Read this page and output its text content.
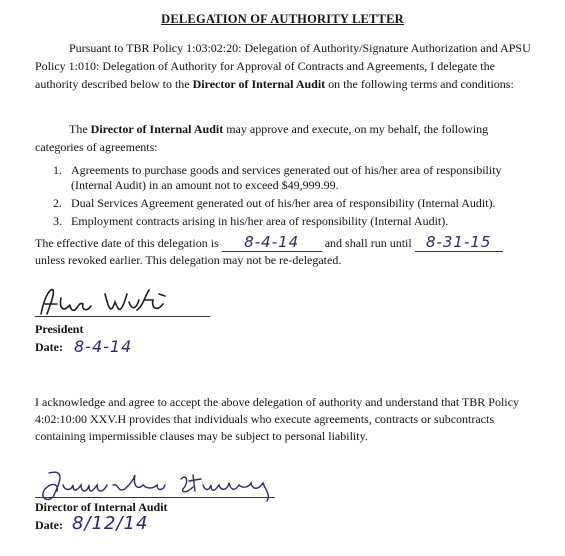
DELEGATION OF AUTHORITY LETTER
Pursuant to TBR Policy 1:03:02:20: Delegation of Authority/Signature Authorization and APSU Policy 1:010: Delegation of Authority for Approval of Contracts and Agreements, I delegate the authority described below to the Director of Internal Audit on the following terms and conditions:
The Director of Internal Audit may approve and execute, on my behalf, the following categories of agreements:
1. Agreements to purchase goods and services generated out of his/her area of responsibility (Internal Audit) in an amount not to exceed $49,999.99.
2. Dual Services Agreement generated out of his/her area of responsibility (Internal Audit).
3. Employment contracts arising in his/her area of responsibility (Internal Audit).
The effective date of this delegation is 8-4-14 and shall run until 8-31-15
unless revoked earlier. This delegation may not be re-delegated.
President
Date: 8-4-14
I acknowledge and agree to accept the above delegation of authority and understand that TBR Policy 4:02:10:00 XXV.H provides that individuals who execute agreements, contracts or subcontracts containing impermissible clauses may be subject to personal liability.
Director of Internal Audit
Date: 8/12/14
